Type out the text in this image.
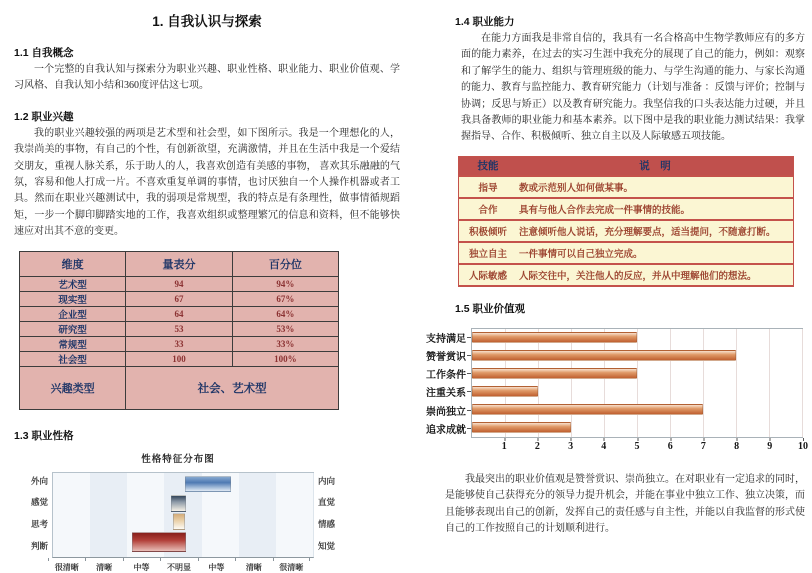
1. 自我认识与探索
1.1 自我概念
一个完整的自我认知与探索分为职业兴趣、职业性格、职业能力、职业价值观、学习风格、自我认知小结和360度评估这七项。
1.2 职业兴趣
我的职业兴趣较强的两项是艺术型和社会型，如下图所示。我是一个理想化的人，我崇尚美的事物，有自己的个性，有创新欲望，充满激情，并且在生活中我是一个爱结交朋友，重视人脉关系，乐于助人的人，我喜欢创造有美感的事物， 喜欢其乐融融的气氛，容易和他人打成一片。不喜欢重复单调的事情，也讨厌独自一个人操作机器或者工具。然而在职业兴趣测试中，我的弱项是常规型，我的特点是有条理性，做事情循规蹈矩，一步一个脚印脚踏实地的工作，我喜欢组织或整理繁冗的信息和资料，但不能够快速应对出其不意的变更。
维度	量表分	百分位
艺术型	94	94%
现实型	67	67%
企业型	64	64%
研究型	53	53%
常规型	33	33%
社会型	100	100%
兴趣类型	社会、艺术型	
1.3 职业性格
性格特征分布图
外向
感觉
思考
判断
内向
直觉
情感
知觉
很清晰	清晰	中等	不明显	中等	清晰	很清晰
1.4 职业能力
在能力方面我是非常自信的，我具有一名合格高中生物学教师应有的多方面的能力素养，在过去的实习生涯中我充分的展现了自己的能力，例如：观察和了解学生的能力、组织与管理班级的能力、与学生沟通的能力、与家长沟通的能力、教育与监控能力、教育研究能力（计划与准备 ：反馈与评价；控制与协调；反思与矫正）以及教育研究能力。我坚信我的口头表达能力过硬，并且我具备教师的职业能力和基本素养。以下图中是我的职业能力测试结果：我掌握指导、合作、积极倾听、独立自主以及人际敏感五项技能。
技能	说　明
指导	教或示范别人如何做某事。
合作	具有与他人合作去完成一件事情的技能。
积极倾听	注意倾听他人说话，充分理解要点，适当提问，不随意打断。
独立自主	一件事情可以自己独立完成。
人际敏感	人际交往中，关注他人的反应，并从中理解他们的想法。
1.5 职业价值观
支持满足
赞誉赏识
工作条件
注重关系
崇尚独立
追求成就
1	2	3	4	5	6	7	8	9	10
我最突出的职业价值观是赞誉赏识、崇尚独立。在对职业有一定追求的同时，是能够使自己获得充分的领导力提升机会，并能在事业中独立工作、独立决策，而且能够表现出自己的创新，发挥自己的责任感与自主性，并能以自我监督的形式使自己的工作按照自己的计划顺利进行。
